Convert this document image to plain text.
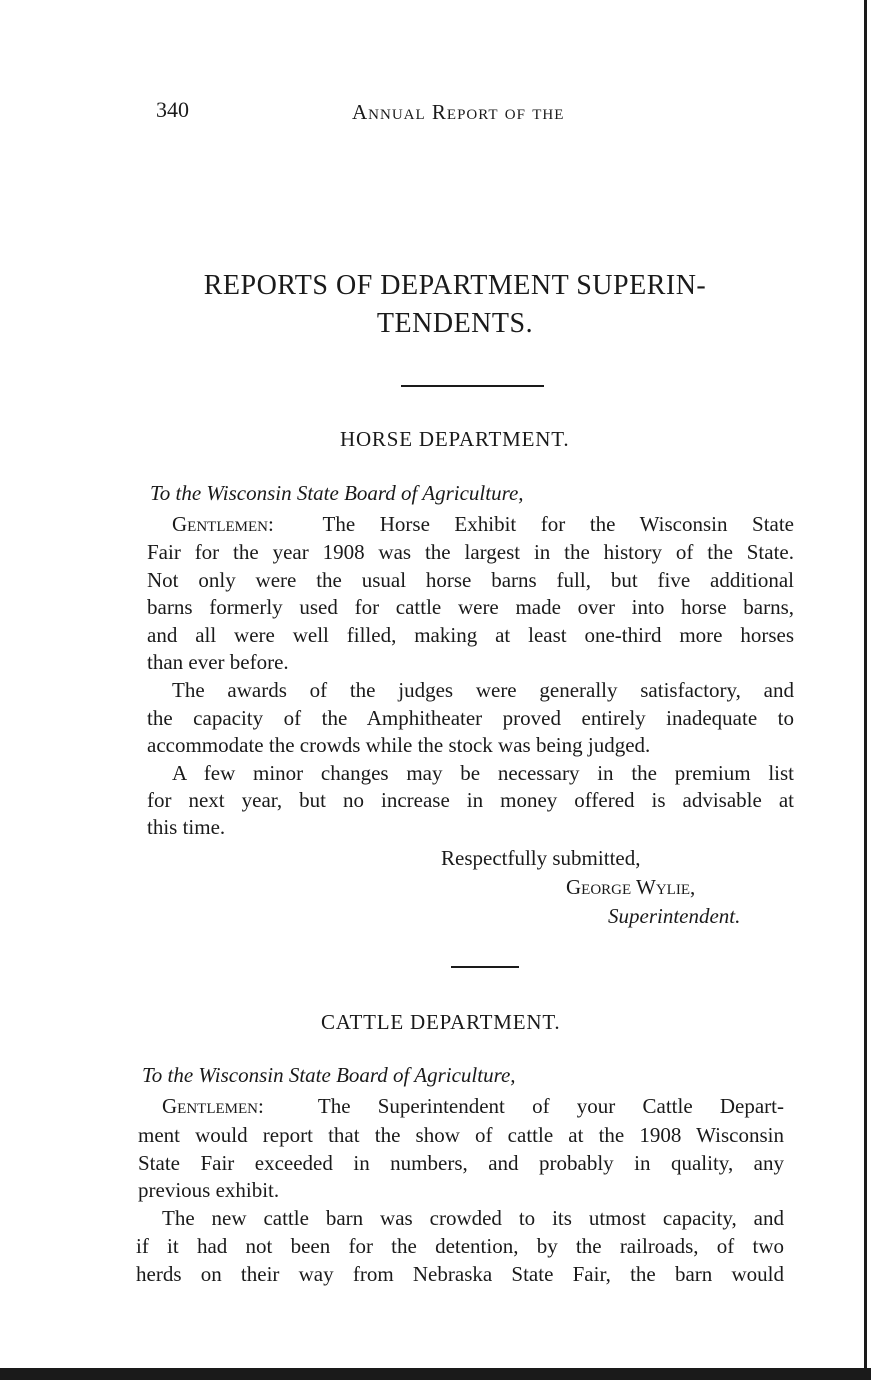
340	Annual Report of the
REPORTS OF DEPARTMENT SUPERIN-
TENDENTS.
HORSE DEPARTMENT.
To the Wisconsin State Board of Agriculture,
Gentlemen: The Horse Exhibit for the Wisconsin State
Fair for the year 1908 was the largest in the history of the State.
Not only were the usual horse barns full, but five additional
barns formerly used for cattle were made over into horse barns,
and all were well filled, making at least one-third more horses
than ever before.
The awards of the judges were generally satisfactory, and
the capacity of the Amphitheater proved entirely inadequate to
accommodate the crowds while the stock was being judged.
A few minor changes may be necessary in the premium list
for next year, but no increase in money offered is advisable at
this time.
Respectfully submitted,
George Wylie,
Superintendent.
CATTLE DEPARTMENT.
To the Wisconsin State Board of Agriculture,
Gentlemen:	The Superintendent of your Cattle Depart-
ment would report that the show of cattle at the 1908 Wisconsin
State Fair exceeded in numbers, and probably in quality, any
previous exhibit.
The new cattle barn was crowded to its utmost capacity, and
if it had not been for the detention, by the railroads, of two
herds on their way from Nebraska State Fair, the barn would
